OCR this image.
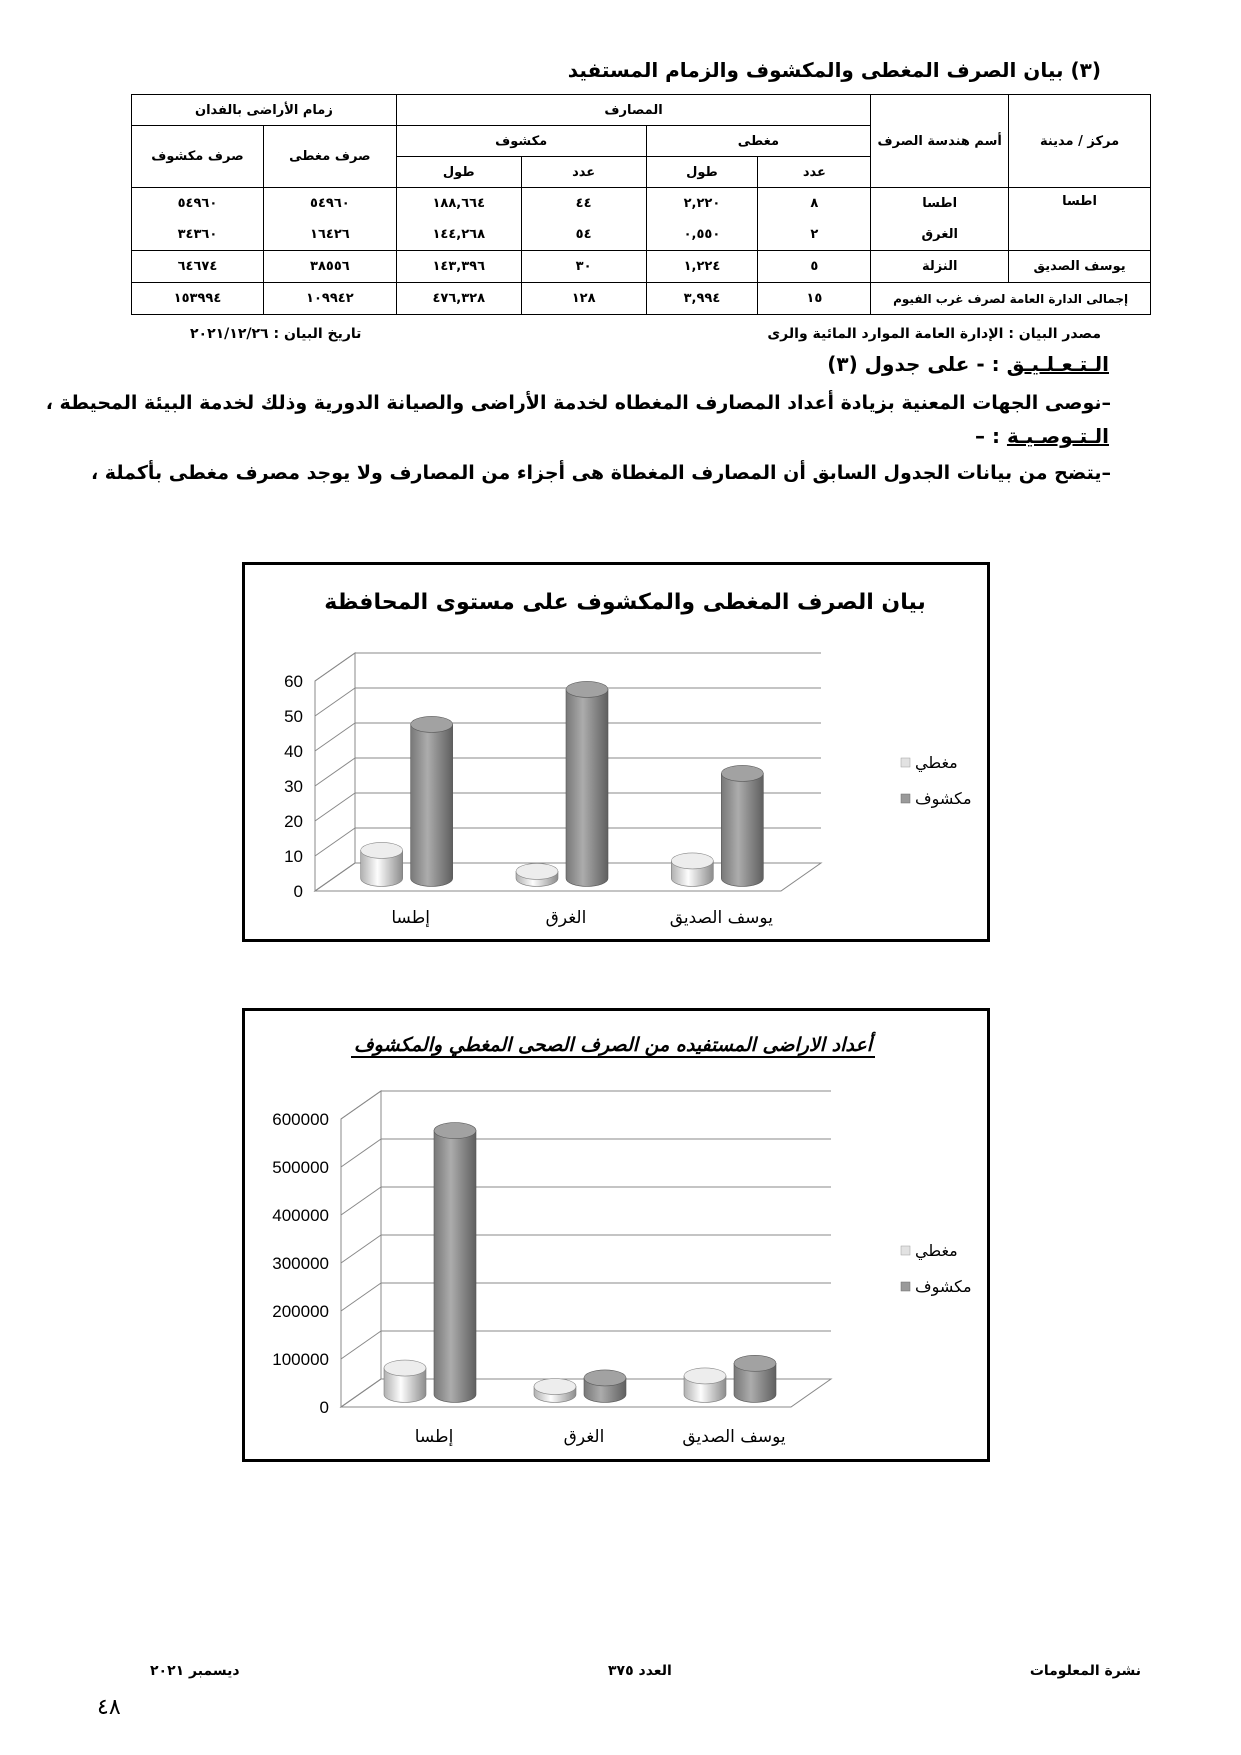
(٣) بيان الصرف المغطى والمكشوف والزمام المستفيد
مركز / مدينة	أسم هندسة الصرف	المصارف				زمام الأراضى بالفدان	
		مغطى		مكشوف		صرف مغطى	صرف مكشوف
		عدد	طول	عدد	طول		
اطسا	اطسا	٨	٢,٢٢٠	٤٤	١٨٨,٦٦٤	٥٤٩٦٠	٥٤٩٦٠
	الغرق	٢	٠,٥٥٠	٥٤	١٤٤,٢٦٨	١٦٤٢٦	٣٤٣٦٠
يوسف الصديق	النزلة	٥	١,٢٢٤	٣٠	١٤٣,٣٩٦	٣٨٥٥٦	٦٤٦٧٤
إجمالى الدارة العامة لصرف غرب الفيوم		١٥	٣,٩٩٤	١٢٨	٤٧٦,٣٢٨	١٠٩٩٤٢	١٥٣٩٩٤
مصدر البيان : الإدارة العامة الموارد المائية والرى
تاريخ البيان : ٢٠٢١/١٢/٢٦
الـتـعـلـيـق : - على جدول (٣)
–نوصى الجهات المعنية بزيادة أعداد المصارف المغطاه لخدمة الأراضى والصيانة الدورية وذلك لخدمة البيئة المحيطة ،
الـتـوصـيـة : –
–يتضح من بيانات الجدول السابق أن المصارف المغطاة هى أجزاء من المصارف ولا يوجد مصرف مغطى بأكملة ،
بيان الصرف المغطى والمكشوف على مستوى المحافظة
0
10
20
30
40
50
60
إطسا	الغرق	يوسف الصديق
مغطي
مكشوف
أعداد الاراضى المستفيده من الصرف الصحى المغطي والمكشوف
0
100000
200000
300000
400000
500000
600000
إطسا	الغرق	يوسف الصديق
مغطي
مكشوف
نشرة المعلومات
العدد ٣٧٥
ديسمبر ٢٠٢١
٤٨
